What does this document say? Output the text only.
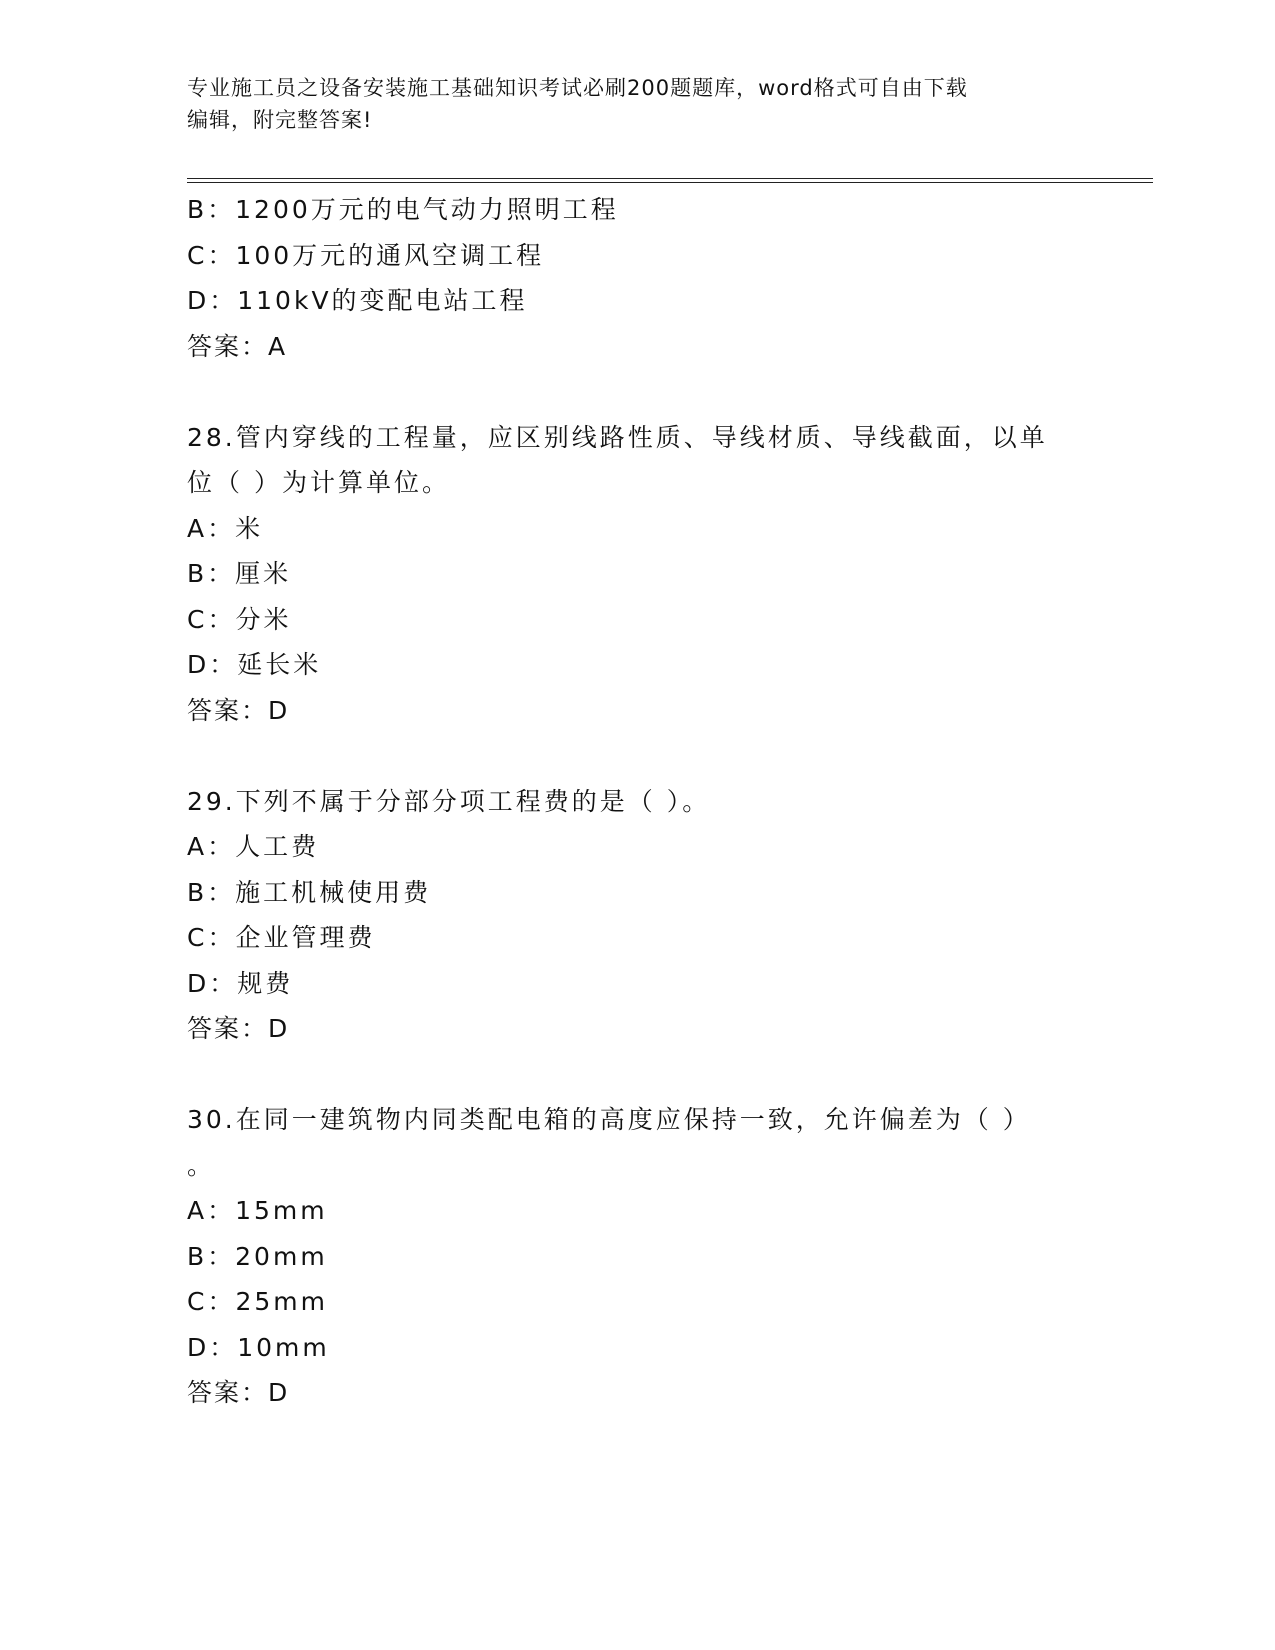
专业施工员之设备安装施工基础知识考试必刷200题题库，word格式可自由下载
编辑，附完整答案!
B：1200万元的电气动力照明工程
C：100万元的通风空调工程
D：110kV的变配电站工程
答案：A
28.管内穿线的工程量，应区别线路性质、导线材质、导线截面，以单
位（ ）为计算单位。
A：米
B：厘米
C：分米
D：延长米
答案：D
29.下列不属于分部分项工程费的是（ ）。
A：人工费
B：施工机械使用费
C：企业管理费
D：规费
答案：D
30.在同一建筑物内同类配电箱的高度应保持一致，允许偏差为（ ）
。
A：15mm
B：20mm
C：25mm
D：10mm
答案：D
